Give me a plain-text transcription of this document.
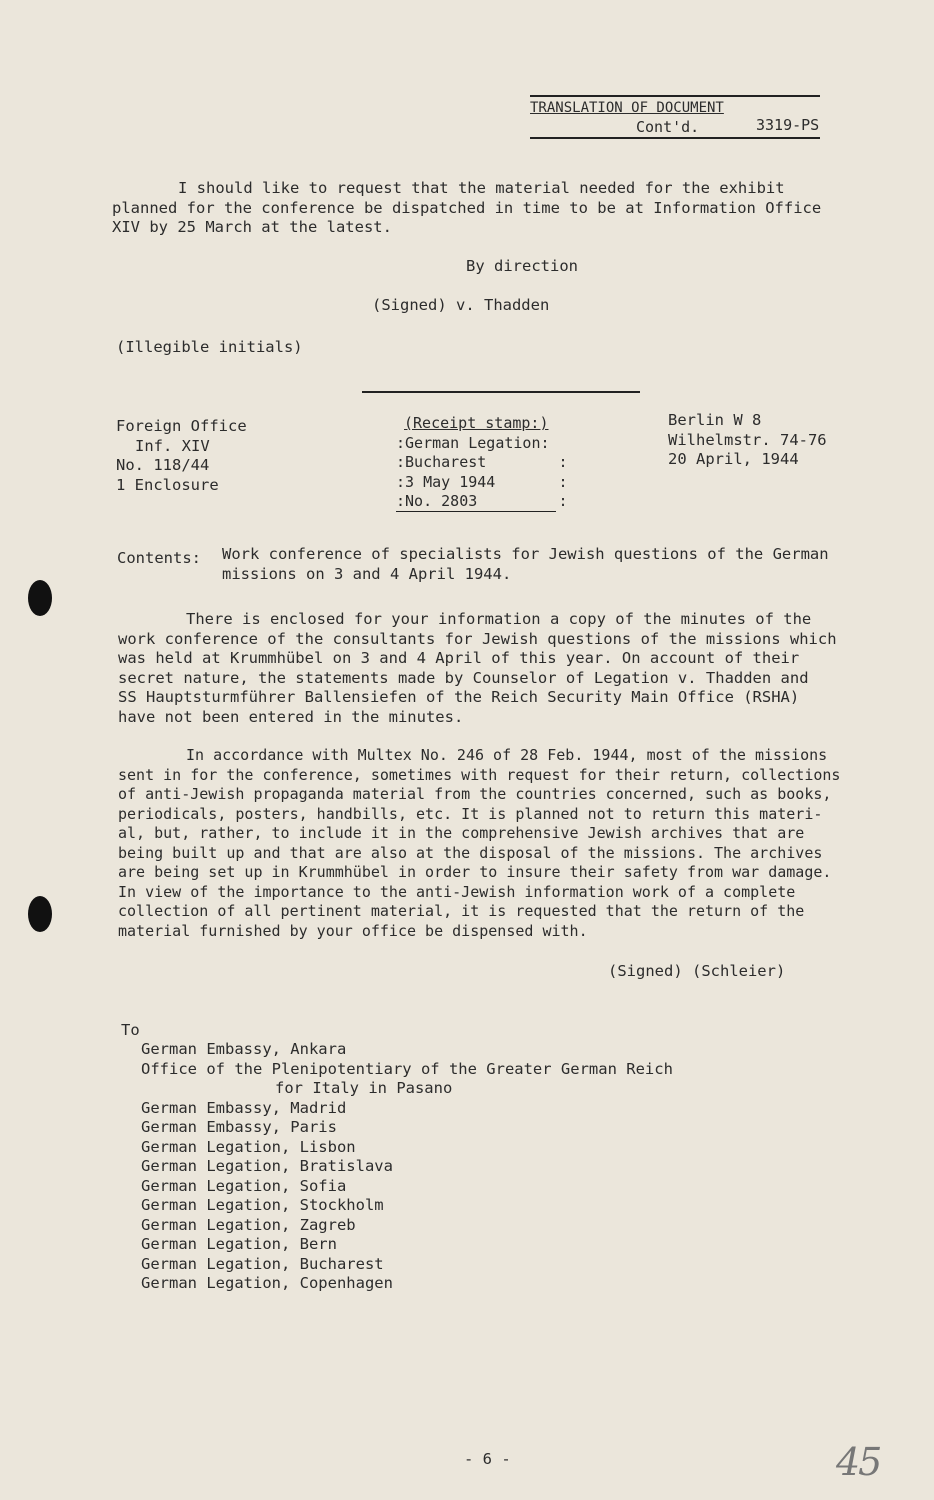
TRANSLATION OF DOCUMENT
Cont'd.	3319-PS
I should like to request that the material needed for the exhibit
planned for the conference be dispatched in time to be at Information Office
XIV by 25 March at the latest.
By direction
(Signed) v. Thadden
(Illegible initials)
Foreign Office
Inf. XIV
No. 118/44
1 Enclosure
(Receipt stamp:)
:German Legation:
:Bucharest        :
:3 May 1944       :
:No. 2803         :
Berlin W 8
Wilhelmstr. 74-76
20 April, 1944
Contents: Work conference of specialists for Jewish questions of the German
missions on 3 and 4 April 1944.
There is enclosed for your information a copy of the minutes of the
work conference of the consultants for Jewish questions of the missions which
was held at Krummhübel on 3 and 4 April of this year. On account of their
secret nature, the statements made by Counselor of Legation v. Thadden and
SS Hauptsturmführer Ballensiefen of the Reich Security Main Office (RSHA)
have not been entered in the minutes.
In accordance with Multex No. 246 of 28 Feb. 1944, most of the missions
sent in for the conference, sometimes with request for their return, collections
of anti-Jewish propaganda material from the countries concerned, such as books,
periodicals, posters, handbills, etc. It is planned not to return this materi-
al, but, rather, to include it in the comprehensive Jewish archives that are
being built up and that are also at the disposal of the missions. The archives
are being set up in Krummhübel in order to insure their safety from war damage.
In view of the importance to the anti-Jewish information work of a complete
collection of all pertinent material, it is requested that the return of the
material furnished by your office be dispensed with.
(Signed) (Schleier)
To
German Embassy, Ankara
Office of the Plenipotentiary of the Greater German Reich
for Italy in Pasano
German Embassy, Madrid
German Embassy, Paris
German Legation, Lisbon
German Legation, Bratislava
German Legation, Sofia
German Legation, Stockholm
German Legation, Zagreb
German Legation, Bern
German Legation, Bucharest
German Legation, Copenhagen
- 6 -	45
